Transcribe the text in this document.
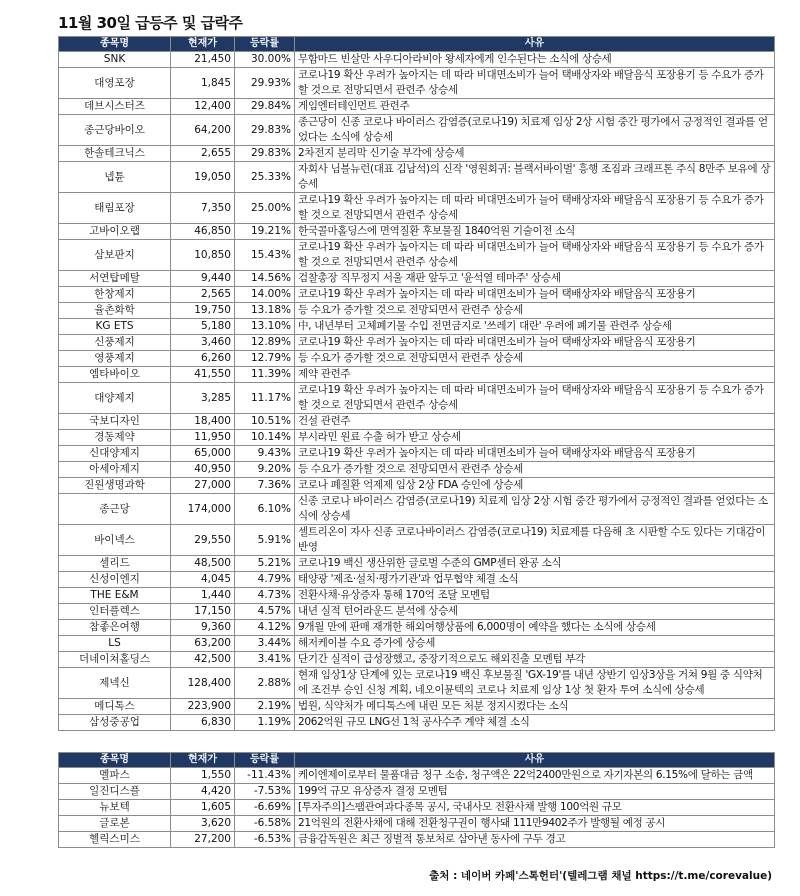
11월 30일 급등주 및 급락주
종목명	현재가	등락률	사유
SNK	21,450	30.00%	무함마드 빈살만 사우디아라비아 왕세자에게 인수된다는 소식에 상승세
대영포장	1,845	29.93%	코로나19 확산 우려가 높아지는 데 따라 비대면소비가 늘어 택배상자와 배달음식 포장용기 등 수요가 증가할 것으로 전망되면서 관련주 상승세
데브시스터즈	12,400	29.84%	게임엔터테인먼트 관련주
종근당바이오	64,200	29.83%	종근당이 신종 코로나 바이러스 감염증(코로나19) 치료제 임상 2상 시험 중간 평가에서 긍정적인 결과를 얻었다는 소식에 상승세
한솔테크닉스	2,655	29.83%	2차전지 분리막 신기술 부각에 상승세
넵튠	19,050	25.33%	자회사 님블뉴런(대표 김남석)의 신작 '영원회귀: 블랙서바이벌' 흥행 조짐과 크래프톤 주식 8만주 보유에 상승세
태림포장	7,350	25.00%	코로나19 확산 우려가 높아지는 데 따라 비대면소비가 늘어 택배상자와 배달음식 포장용기 등 수요가 증가할 것으로 전망되면서 관련주 상승세
고바이오랩	46,850	19.21%	한국콜마홀딩스에 면역질환 후보물질 1840억원 기술이전 소식
삼보판지	10,850	15.43%	코로나19 확산 우려가 높아지는 데 따라 비대면소비가 늘어 택배상자와 배달음식 포장용기 등 수요가 증가할 것으로 전망되면서 관련주 상승세
서연탑메탈	9,440	14.56%	검찰총장 직무정지 서울 재판 앞두고 '윤석열 테마주' 상승세
한창제지	2,565	14.00%	코로나19 확산 우려가 높아지는 데 따라 비대면소비가 늘어 택배상자와 배달음식 포장용기
율촌화학	19,750	13.18%	등 수요가 증가할 것으로 전망되면서 관련주 상승세
KG ETS	5,180	13.10%	中, 내년부터 고체폐기물 수입 전면금지로 '쓰레기 대란' 우려에 폐기물 관련주 상승세
신풍제지	3,460	12.89%	코로나19 확산 우려가 높아지는 데 따라 비대면소비가 늘어 택배상자와 배달음식 포장용기
영풍제지	6,260	12.79%	등 수요가 증가할 것으로 전망되면서 관련주 상승세
엠타바이오	41,550	11.39%	제약 관련주
대양제지	3,285	11.17%	코로나19 확산 우려가 높아지는 데 따라 비대면소비가 늘어 택배상자와 배달음식 포장용기 등 수요가 증가할 것으로 전망되면서 관련주 상승세
국보디자인	18,400	10.51%	건설 관련주
경동제약	11,950	10.14%	부시라민 원료 수출 허가 받고 상승세
신대양제지	65,000	9.43%	코로나19 확산 우려가 높아지는 데 따라 비대면소비가 늘어 택배상자와 배달음식 포장용기
아세아제지	40,950	9.20%	등 수요가 증가할 것으로 전망되면서 관련주 상승세
진원생명과학	27,000	7.36%	코로나 폐질환 억제제 임상 2상 FDA 승인에 상승세
종근당	174,000	6.10%	신종 코로나 바이러스 감염증(코로나19) 치료제 임상 2상 시험 중간 평가에서 긍정적인 결과를 얻었다는 소식에 상승세
바이넥스	29,550	5.91%	셀트리온이 자사 신종 코로나바이러스 감염증(코로나19) 치료제를 다음해 초 시판할 수도 있다는 기대감이 반영
셀리드	48,500	5.21%	코로나19 백신 생산위한 글로벌 수준의 GMP센터 완공 소식
신성이엔지	4,045	4.79%	태양광 '제조·설치·평가기관'과 업무협약 체결 소식
THE E&M	1,440	4.73%	전환사채·유상증자 통해 170억 조달 모멘텀
인터플렉스	17,150	4.57%	내년 실적 턴어라운드 분석에 상승세
참좋은여행	9,360	4.12%	9개월 만에 판매 재개한 해외여행상품에 6,000명이 예약을 했다는 소식에 상승세
LS	63,200	3.44%	해저케이블 수요 증가에 상승세
더네이쳐홀딩스	42,500	3.41%	단기간 실적이 급성장했고, 중장기적으로도 해외진출 모멘텀 부각
제넥신	128,400	2.88%	현재 임상1상 단계에 있는 코로나19 백신 후보물질 'GX-19'를 내년 상반기 임상3상을 거쳐 9월 중 식약처에 조건부 승인 신청 계획, 네오이뮨텍의 코로나 치료제 임상 1상 첫 환자 투여 소식에 상승세
메디톡스	223,900	2.19%	법원, 식약처가 메디톡스에 내린 모든 처분 정지시켰다는 소식
삼성중공업	6,830	1.19%	2062억원 규모 LNG선 1척 공사수주 계약 체결 소식
종목명	현재가	등락률	사유
멜파스	1,550	-11.43%	케이엔제이로부터 물품대금 청구 소송, 청구액은 22억2400만원으로 자기자본의 6.15%에 달하는 금액
일진디스플	4,420	-7.53%	199억 규모 유상증자 결정 모멘텀
뉴보텍	1,605	-6.69%	[투자주의]스팸관여과다종목 공시, 국내사모 전환사채 발행 100억원 규모
글로본	3,620	-6.58%	21억원의 전환사채에 대해 전환청구권이 행사돼 111만9402주가 발행될 예정 공시
헬릭스미스	27,200	-6.53%	금융감독원은 최근 징벌적 통보처로 삼아낸 동사에 구두 경고
출처 : 네이버 카페'스톡헌터'(텔레그램 채널 https://t.me/corevalue)
